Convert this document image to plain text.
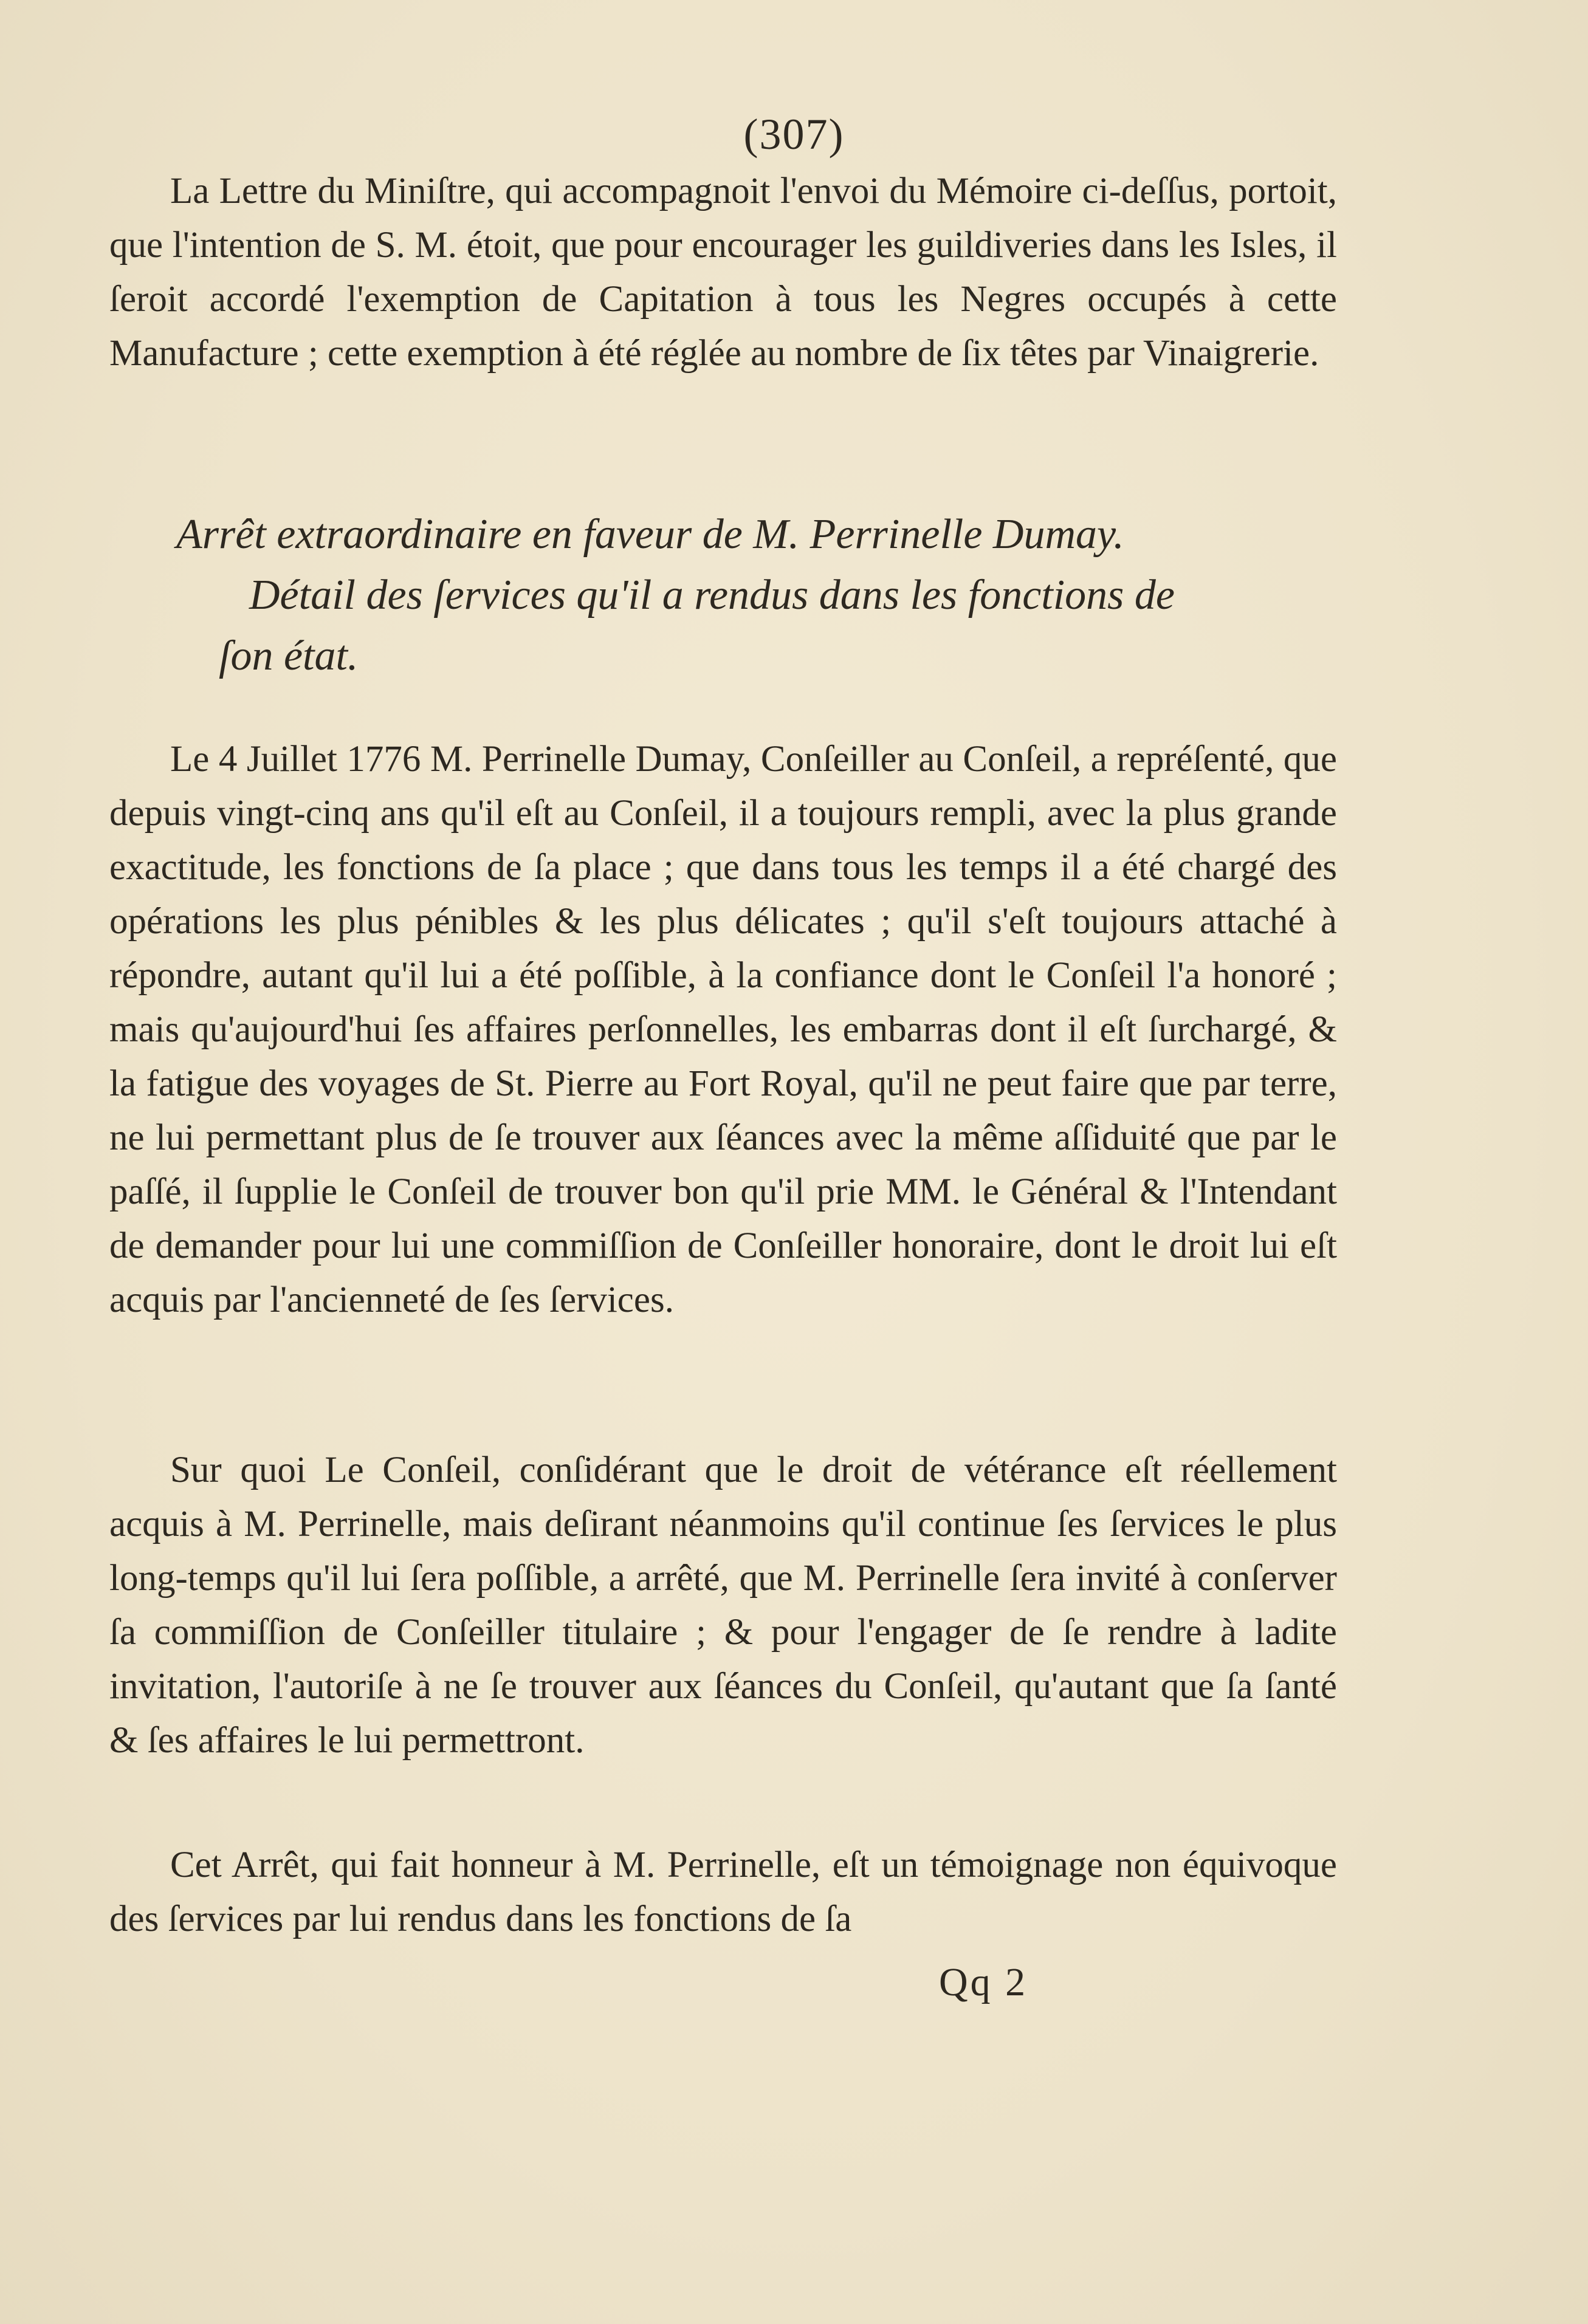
(307)

La Lettre du Miniſtre, qui accompagnoit l'envoi du Mémoire ci-deſſus, portoit, que l'intention de S. M. étoit, que pour encourager les guildiveries dans les Isles, il ſeroit accordé l'exemption de Capitation à tous les Negres occupés à cette Manufacture ; cette exemption à été réglée au nombre de ſix têtes par Vinaigrerie.

Arrêt extraordinaire en faveur de M. Perrinelle Dumay.
Détail des ſervices qu'il a rendus dans les fonctions de
ſon état.

Le 4 Juillet 1776 M. Perrinelle Dumay, Conſeiller au Conſeil, a repréſenté, que depuis vingt-cinq ans qu'il eſt au Conſeil, il a toujours rempli, avec la plus grande exactitude, les fonctions de ſa place ; que dans tous les temps il a été chargé des opérations les plus pénibles & les plus délicates ; qu'il s'eſt toujours attaché à répondre, autant qu'il lui a été poſſible, à la confiance dont le Conſeil l'a honoré ; mais qu'aujourd'hui ſes affaires perſonnelles, les embarras dont il eſt ſurchargé, & la fatigue des voyages de St. Pierre au Fort Royal, qu'il ne peut faire que par terre, ne lui permettant plus de ſe trouver aux ſéances avec la même aſſiduité que par le paſſé, il ſupplie le Conſeil de trouver bon qu'il prie MM. le Général & l'Intendant de demander pour lui une commiſſion de Conſeiller honoraire, dont le droit lui eſt acquis par l'ancienneté de ſes ſervices.

Sur quoi Le Conſeil, conſidérant que le droit de vétérance eſt réellement acquis à M. Perrinelle, mais deſirant néanmoins qu'il continue ſes ſervices le plus long-temps qu'il lui ſera poſſible, a arrêté, que M. Perrinelle ſera invité à conſerver ſa commiſſion de Conſeiller titulaire ; & pour l'engager de ſe rendre à ladite invitation, l'autoriſe à ne ſe trouver aux ſéances du Conſeil, qu'autant que ſa ſanté & ſes affaires le lui permettront.

Cet Arrêt, qui fait honneur à M. Perrinelle, eſt un témoignage non équivoque des ſervices par lui rendus dans les fonctions de ſa

Qq 2
